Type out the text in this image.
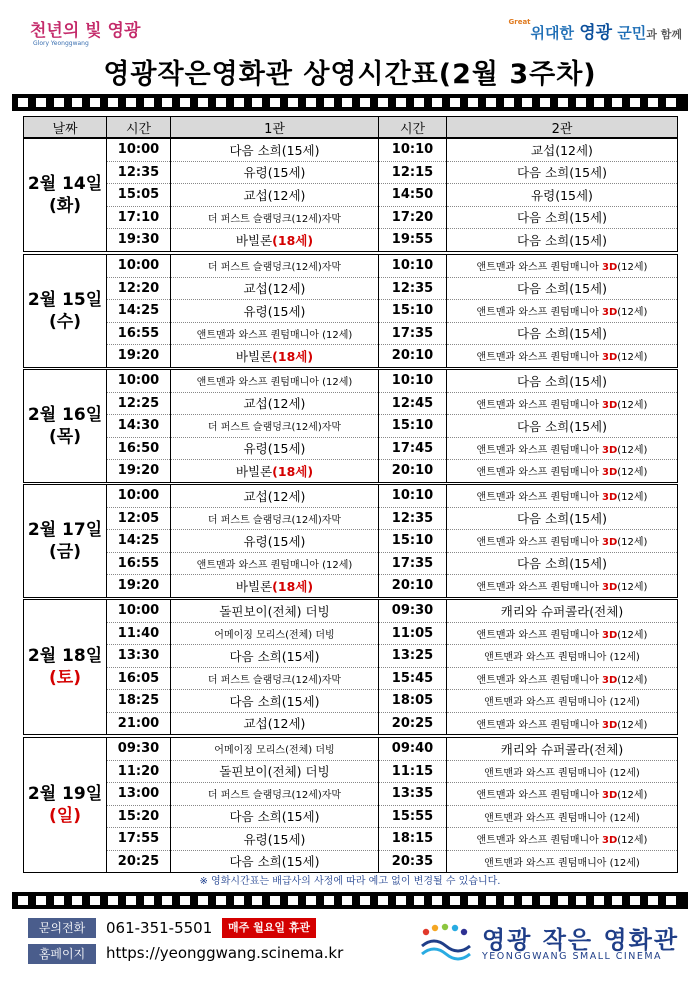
천년의 빛 영광
Glory Yeonggwang
$^{Great}$위대한 영광 군민과 함께
영광작은영화관 상영시간표(2월 3주차)
날짜	시간	1관	시간	2관
2월 14일
(화)	10:00	다음 소희(15세)	10:10	교섭(12세)
	12:35	유령(15세)	12:15	다음 소희(15세)
	15:05	교섭(12세)	14:50	유령(15세)
	17:10	더 퍼스트 슬램덩크(12세)자막	17:20	다음 소희(15세)
	19:30	바빌론(18세)	19:55	다음 소희(15세)
2월 15일
(수)	10:00	더 퍼스트 슬램덩크(12세)자막	10:10	앤트맨과 와스프 퀀텀매니아 3D(12세)
	12:20	교섭(12세)	12:35	다음 소희(15세)
	14:25	유령(15세)	15:10	앤트맨과 와스프 퀀텀매니아 3D(12세)
	16:55	앤트맨과 와스프 퀀텀매니아 (12세)	17:35	다음 소희(15세)
	19:20	바빌론(18세)	20:10	앤트맨과 와스프 퀀텀매니아 3D(12세)
2월 16일
(목)	10:00	앤트맨과 와스프 퀀텀매니아 (12세)	10:10	다음 소희(15세)
	12:25	교섭(12세)	12:45	앤트맨과 와스프 퀀텀매니아 3D(12세)
	14:30	더 퍼스트 슬램덩크(12세)자막	15:10	다음 소희(15세)
	16:50	유령(15세)	17:45	앤트맨과 와스프 퀀텀매니아 3D(12세)
	19:20	바빌론(18세)	20:10	앤트맨과 와스프 퀀텀매니아 3D(12세)
2월 17일
(금)	10:00	교섭(12세)	10:10	앤트맨과 와스프 퀀텀매니아 3D(12세)
	12:05	더 퍼스트 슬램덩크(12세)자막	12:35	다음 소희(15세)
	14:25	유령(15세)	15:10	앤트맨과 와스프 퀀텀매니아 3D(12세)
	16:55	앤트맨과 와스프 퀀텀매니아 (12세)	17:35	다음 소희(15세)
	19:20	바빌론(18세)	20:10	앤트맨과 와스프 퀀텀매니아 3D(12세)
2월 18일
(토)	10:00	돌핀보이(전체) 더빙	09:30	캐리와 슈퍼콜라(전체)
	11:40	어메이징 모리스(전체) 더빙	11:05	앤트맨과 와스프 퀀텀매니아 3D(12세)
	13:30	다음 소희(15세)	13:25	앤트맨과 와스프 퀀텀매니아 (12세)
	16:05	더 퍼스트 슬램덩크(12세)자막	15:45	앤트맨과 와스프 퀀텀매니아 3D(12세)
	18:25	다음 소희(15세)	18:05	앤트맨과 와스프 퀀텀매니아 (12세)
	21:00	교섭(12세)	20:25	앤트맨과 와스프 퀀텀매니아 3D(12세)
2월 19일
(일)	09:30	어메이징 모리스(전체) 더빙	09:40	캐리와 슈퍼콜라(전체)
	11:20	돌핀보이(전체) 더빙	11:15	앤트맨과 와스프 퀀텀매니아 (12세)
	13:00	더 퍼스트 슬램덩크(12세)자막	13:35	앤트맨과 와스프 퀀텀매니아 3D(12세)
	15:20	다음 소희(15세)	15:55	앤트맨과 와스프 퀀텀매니아 (12세)
	17:55	유령(15세)	18:15	앤트맨과 와스프 퀀텀매니아 3D(12세)
	20:25	다음 소희(15세)	20:35	앤트맨과 와스프 퀀텀매니아 (12세)
※ 영화시간표는 배급사의 사정에 따라 예고 없이 변경될 수 있습니다.
문의전화	061-351-5501	매주 월요일 휴관
홈페이지	https://yeonggwang.scinema.kr	영광 작은 영화관
YEONGGWANG SMALL CINEMA
